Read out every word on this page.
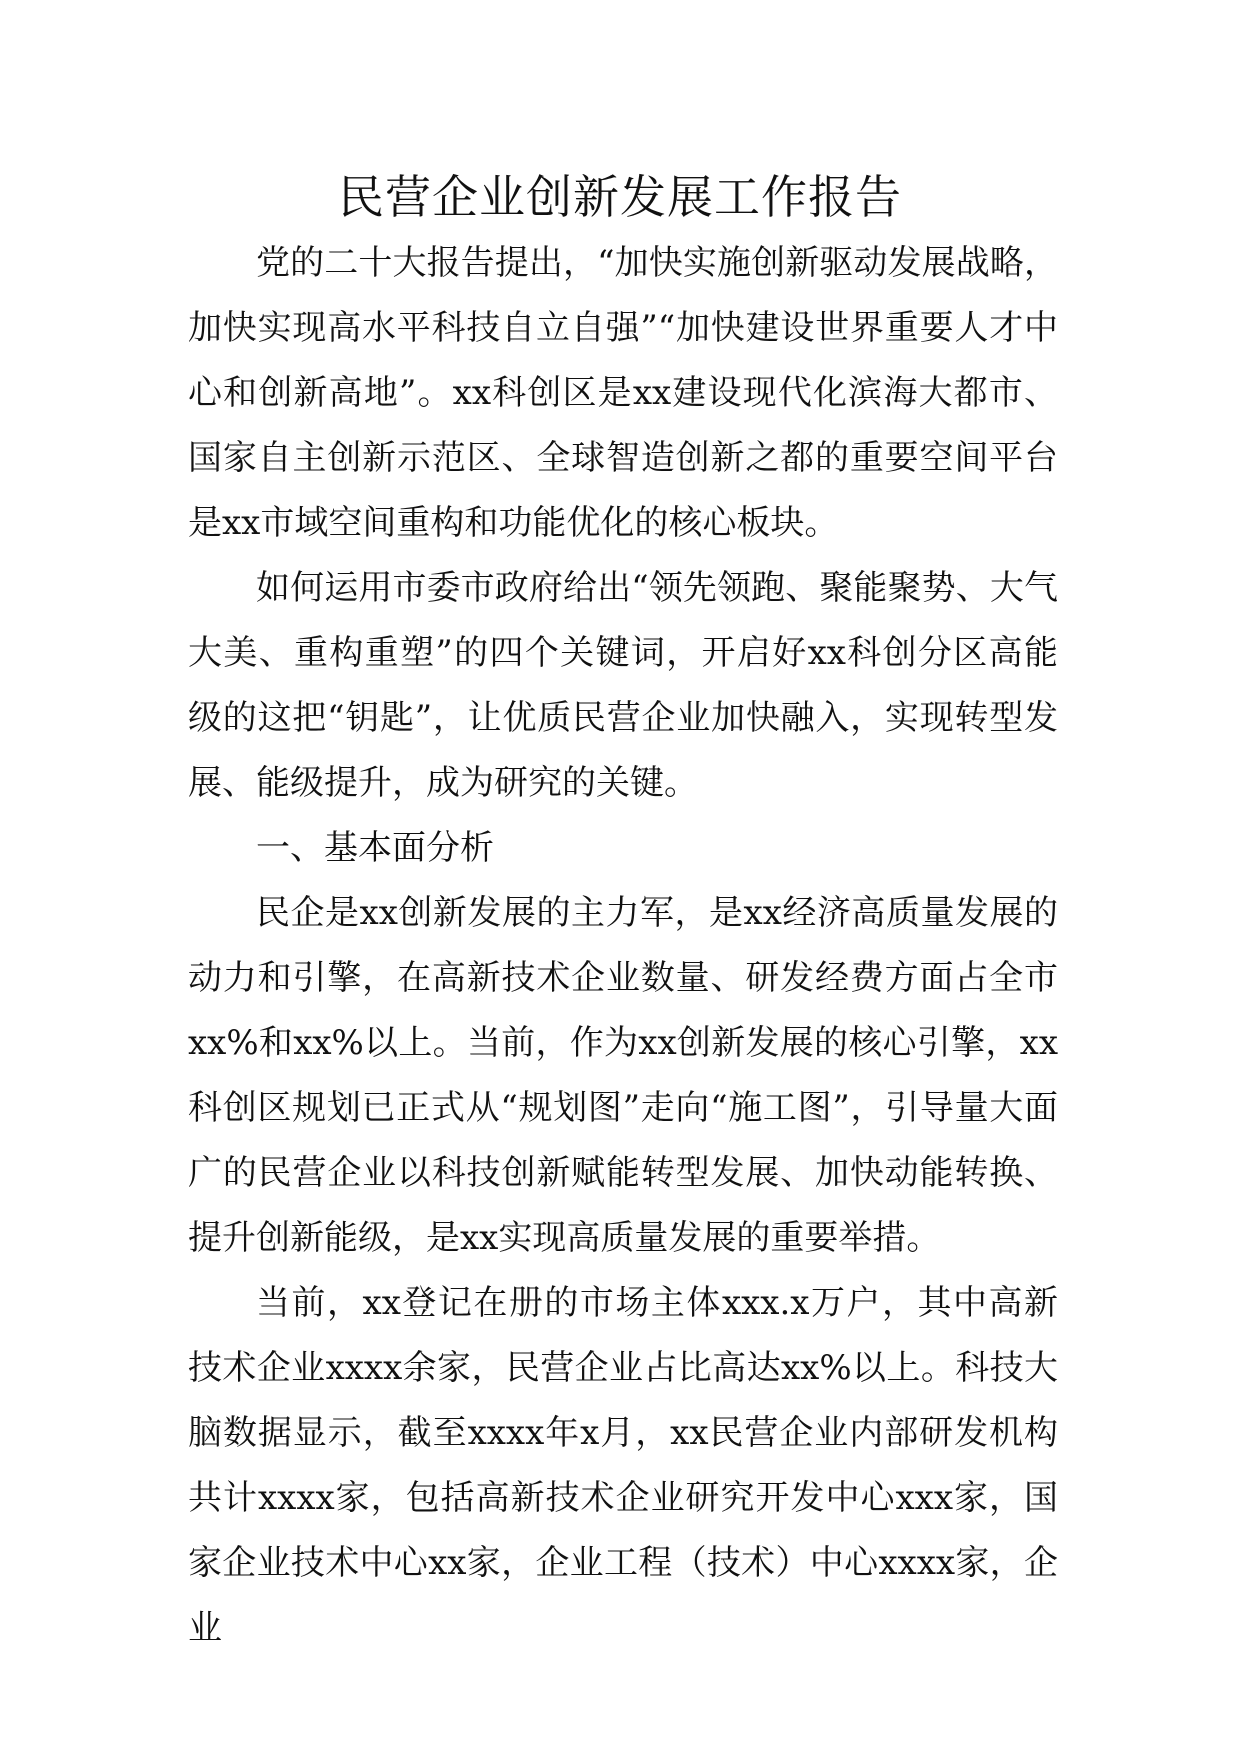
民营企业创新发展工作报告

党的二十大报告提出，“加快实施创新驱动发展战略，加快实现高水平科技自立自强”“加快建设世界重要人才中心和创新高地”。xx科创区是xx建设现代化滨海大都市、国家自主创新示范区、全球智造创新之都的重要空间平台是xx市域空间重构和功能优化的核心板块。

如何运用市委市政府给出“领先领跑、聚能聚势、大气大美、重构重塑”的四个关键词，开启好xx科创分区高能级的这把“钥匙”，让优质民营企业加快融入，实现转型发展、能级提升，成为研究的关键。

一、基本面分析

民企是xx创新发展的主力军，是xx经济高质量发展的动力和引擎，在高新技术企业数量、研发经费方面占全市xx%和xx%以上。当前，作为xx创新发展的核心引擎，xx科创区规划已正式从“规划图”走向“施工图”，引导量大面广的民营企业以科技创新赋能转型发展、加快动能转换、提升创新能级，是xx实现高质量发展的重要举措。

当前，xx登记在册的市场主体xxx.x万户，其中高新技术企业xxxx余家，民营企业占比高达xx%以上。科技大脑数据显示，截至xxxx年x月，xx民营企业内部研发机构共计xxxx家，包括高新技术企业研究开发中心xxx家，国家企业技术中心xx家，企业工程（技术）中心xxxx家，企业
